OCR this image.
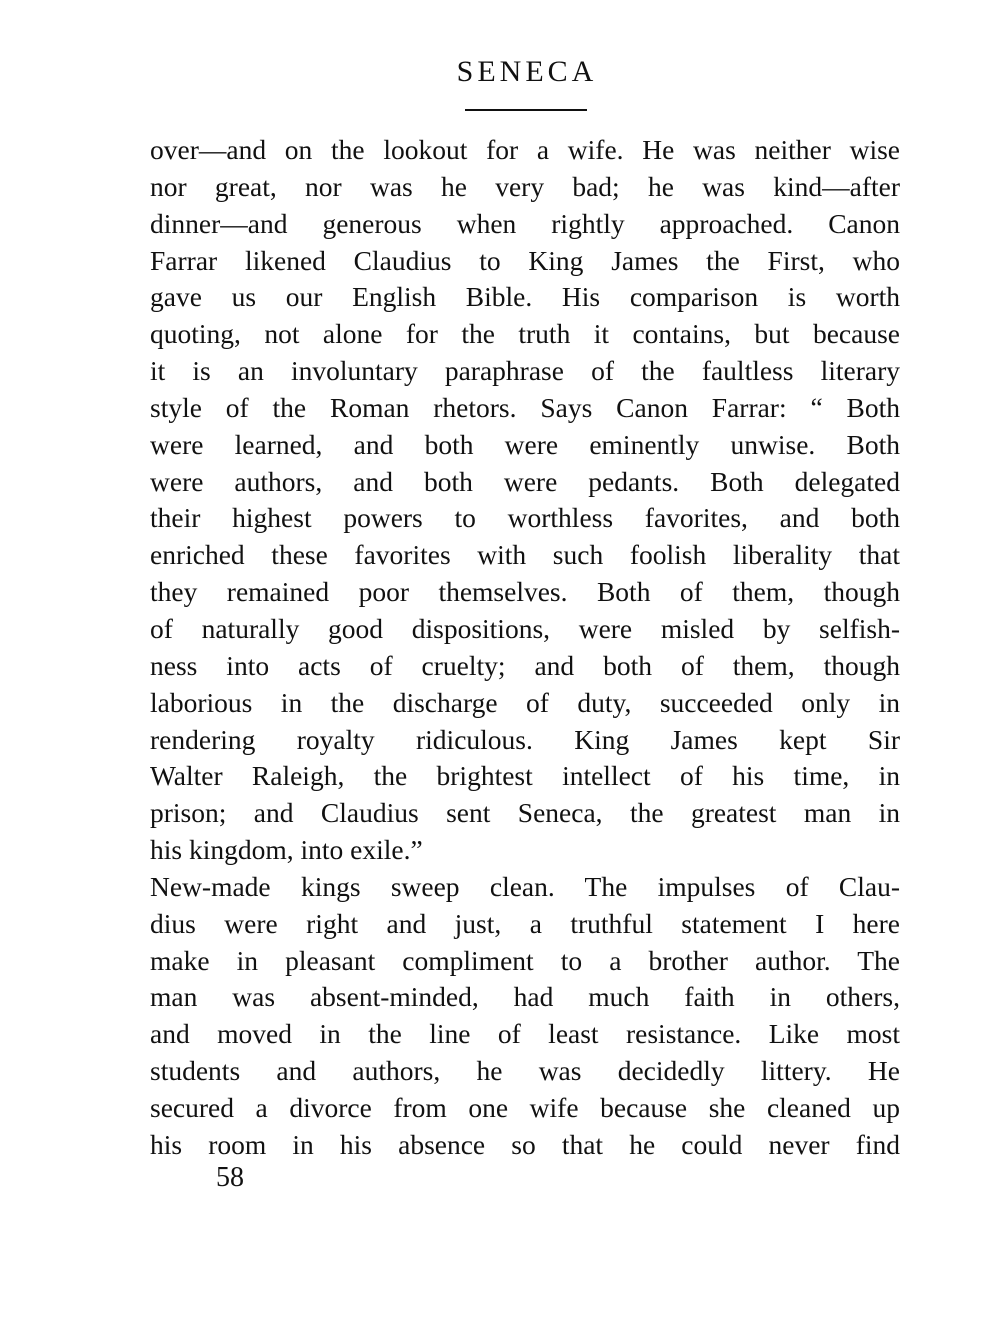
SENECA
over—and on the lookout for a wife. He was neither wise
nor great, nor was he very bad; he was kind—after
dinner—and generous when rightly approached. Canon
Farrar likened Claudius to King James the First, who
gave us our English Bible. His comparison is worth
quoting, not alone for the truth it contains, but because
it is an involuntary paraphrase of the faultless literary
style of the Roman rhetors. Says Canon Farrar: “ Both
were learned, and both were eminently unwise. Both
were authors, and both were pedants. Both delegated
their highest powers to worthless favorites, and both
enriched these favorites with such foolish liberality that
they remained poor themselves. Both of them, though
of naturally good dispositions, were misled by selfish-
ness into acts of cruelty; and both of them, though
laborious in the discharge of duty, succeeded only in
rendering royalty ridiculous. King James kept Sir
Walter Raleigh, the brightest intellect of his time, in
prison; and Claudius sent Seneca, the greatest man in
his kingdom, into exile.”
New-made kings sweep clean. The impulses of Clau-
dius were right and just, a truthful statement I here
make in pleasant compliment to a brother author. The
man was absent-minded, had much faith in others,
and moved in the line of least resistance. Like most
students and authors, he was decidedly littery. He
secured a divorce from one wife because she cleaned up
his room in his absence so that he could never find
58
